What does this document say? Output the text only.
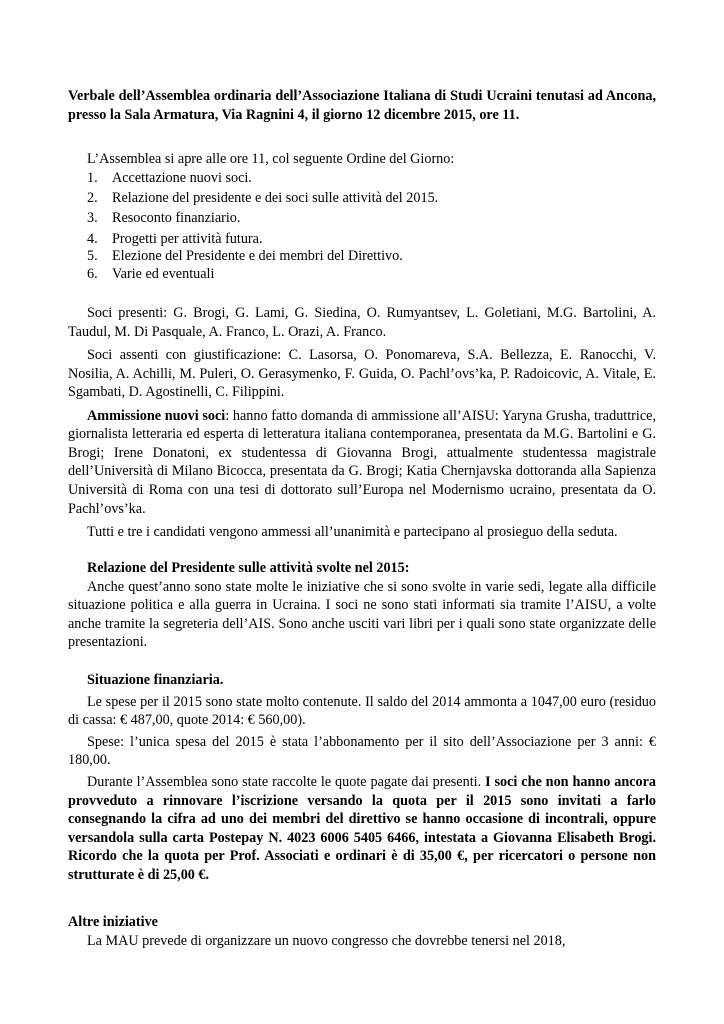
Verbale dell’Assemblea ordinaria dell’Associazione Italiana di Studi Ucraini tenutasi ad Ancona, presso la Sala Armatura, Via Ragnini 4, il giorno 12 dicembre 2015, ore 11.

L’Assemblea si apre alle ore 11, col seguente Ordine del Giorno:

1.	Accettazione nuovi soci.
2.	Relazione del presidente e dei soci sulle attività del 2015.
3.	Resoconto finanziario.
4.	Progetti per attività futura.
5.	Elezione del Presidente e dei membri del Direttivo.
6.	Varie ed eventuali

Soci presenti: G. Brogi, G. Lami, G. Siedina, O. Rumyantsev, L. Goletiani, M.G. Bartolini, A. Taudul, M. Di Pasquale, A. Franco, L. Orazi, A. Franco.

Soci assenti con giustificazione: C. Lasorsa, O. Ponomareva, S.A. Bellezza, E. Ranocchi, V. Nosilia, A. Achilli, M. Puleri, O. Gerasymenko, F. Guida, O. Pachl’ovs’ka, P. Radoicovic, A. Vitale, E. Sgambati, D. Agostinelli, C. Filippini.

Ammissione nuovi soci: hanno fatto domanda di ammissione all’AISU: Yaryna Grusha, traduttrice, giornalista letteraria ed esperta di letteratura italiana contemporanea, presentata da M.G. Bartolini e G. Brogi; Irene Donatoni, ex studentessa di Giovanna Brogi, attualmente studentessa magistrale dell’Università di Milano Bicocca, presentata da G. Brogi; Katia Chernjavska dottoranda alla Sapienza Università di Roma con una tesi di dottorato sull’Europa nel Modernismo ucraino, presentata da O. Pachl’ovs’ka.

Tutti e tre i candidati vengono ammessi all’unanimità e partecipano al prosieguo della seduta.

Relazione del Presidente sulle attività svolte nel 2015:

Anche quest’anno sono state molte le iniziative che si sono svolte in varie sedi, legate alla difficile situazione politica e alla guerra in Ucraina. I soci ne sono stati informati sia tramite l’AISU, a volte anche tramite la segreteria dell’AIS. Sono anche usciti vari libri per i quali sono state organizzate delle presentazioni.

Situazione finanziaria.

Le spese per il 2015 sono state molto contenute. Il saldo del 2014 ammonta a 1047,00 euro (residuo di cassa: € 487,00, quote 2014: € 560,00).

Spese: l’unica spesa del 2015 è stata l’abbonamento per il sito dell’Associazione per 3 anni: € 180,00.

Durante l’Assemblea sono state raccolte le quote pagate dai presenti. I soci che non hanno ancora provveduto a rinnovare l’iscrizione versando la quota per il 2015 sono invitati a farlo consegnando la cifra ad uno dei membri del direttivo se hanno occasione di incontrali, oppure versandola sulla carta Postepay N. 4023 6006 5405 6466, intestata a Giovanna Elisabeth Brogi. Ricordo che la quota per Prof. Associati e ordinari è di 35,00 €, per ricercatori o persone non strutturate è di 25,00 €.

Altre iniziative

La MAU prevede di organizzare un nuovo congresso che dovrebbe tenersi nel 2018,
